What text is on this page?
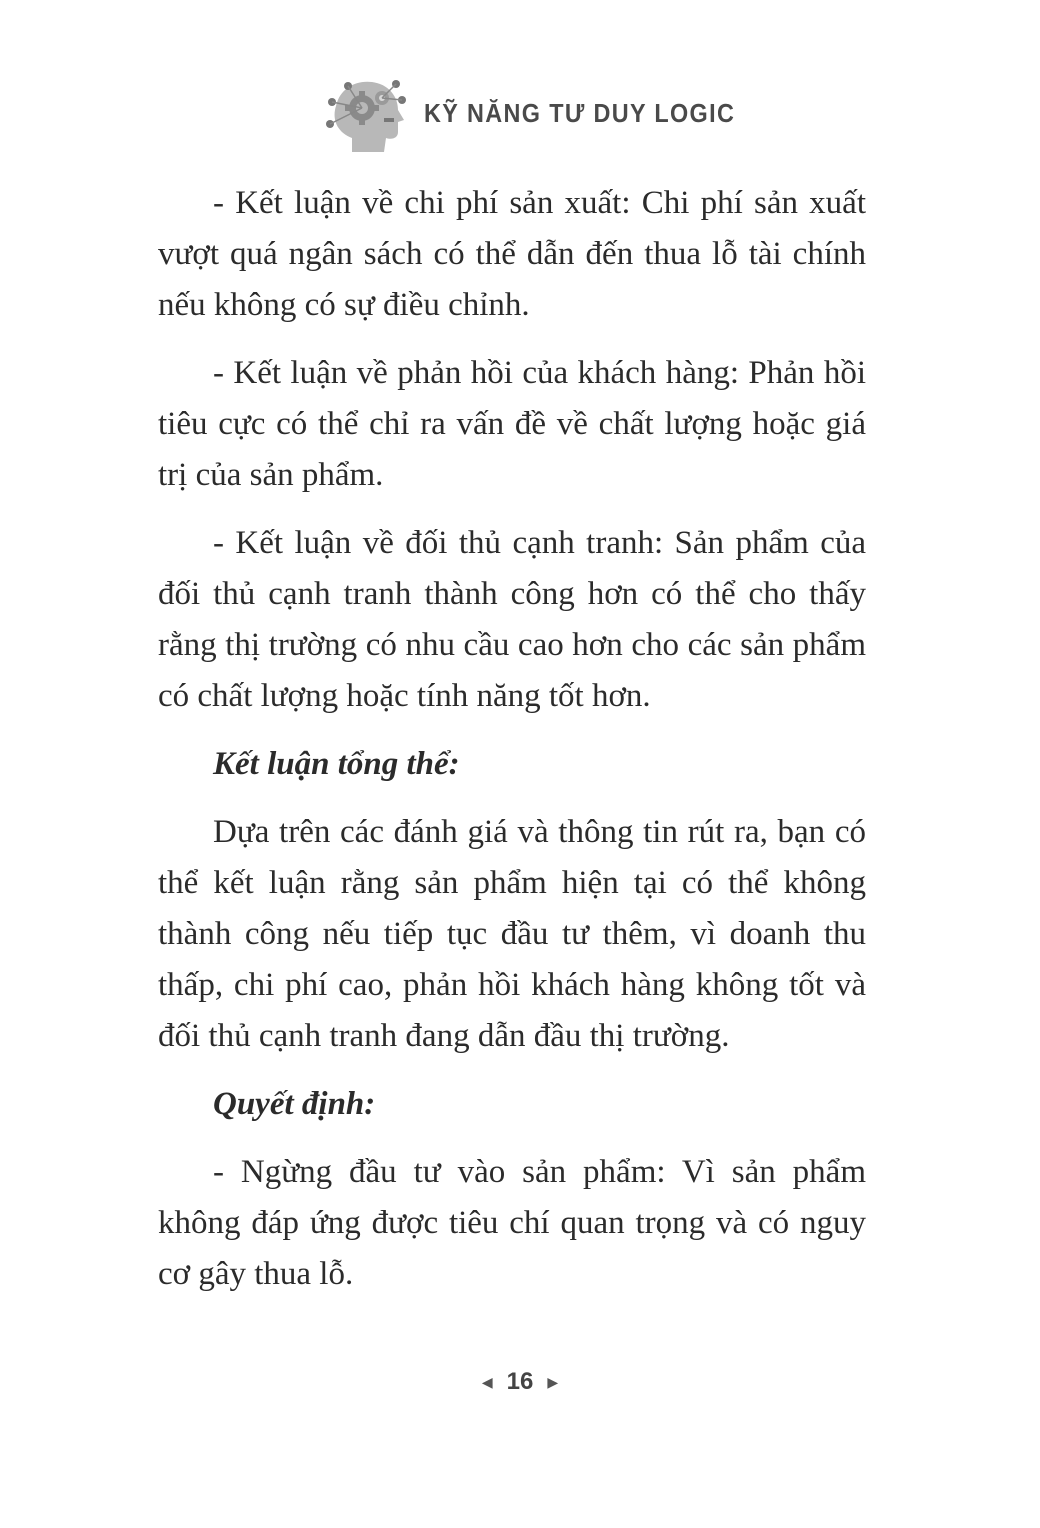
KỸ NĂNG TƯ DUY LOGIC

- Kết luận về chi phí sản xuất: Chi phí sản xuất vượt quá ngân sách có thể dẫn đến thua lỗ tài chính nếu không có sự điều chỉnh.

- Kết luận về phản hồi của khách hàng: Phản hồi tiêu cực có thể chỉ ra vấn đề về chất lượng hoặc giá trị của sản phẩm.

- Kết luận về đối thủ cạnh tranh: Sản phẩm của đối thủ cạnh tranh thành công hơn có thể cho thấy rằng thị trường có nhu cầu cao hơn cho các sản phẩm có chất lượng hoặc tính năng tốt hơn.

Kết luận tổng thể:

Dựa trên các đánh giá và thông tin rút ra, bạn có thể kết luận rằng sản phẩm hiện tại có thể không thành công nếu tiếp tục đầu tư thêm, vì doanh thu thấp, chi phí cao, phản hồi khách hàng không tốt và đối thủ cạnh tranh đang dẫn đầu thị trường.

Quyết định:

- Ngừng đầu tư vào sản phẩm: Vì sản phẩm không đáp ứng được tiêu chí quan trọng và có nguy cơ gây thua lỗ.

◀ 16 ▶
